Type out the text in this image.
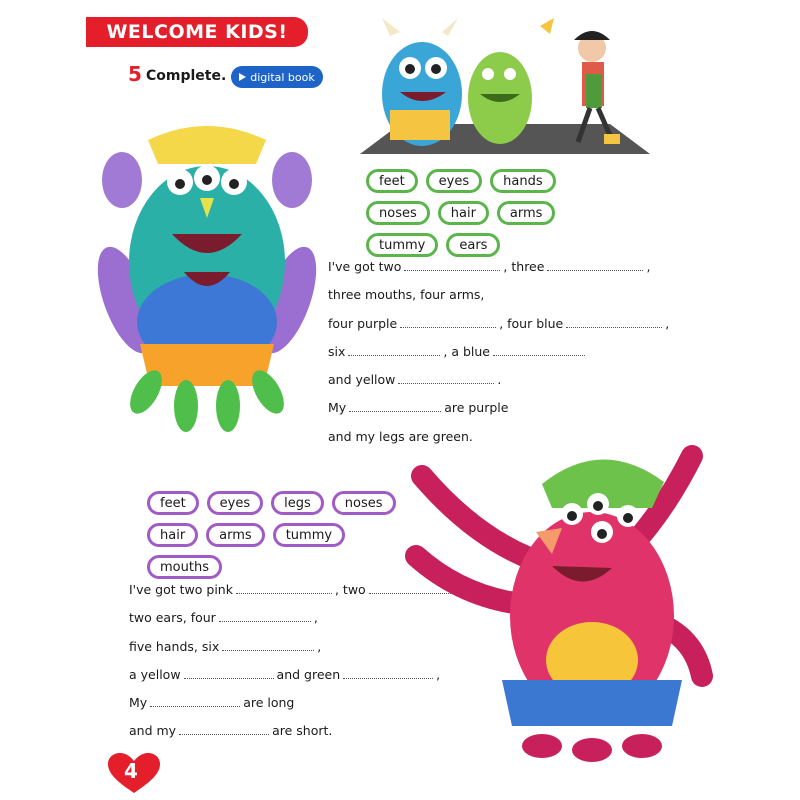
WELCOME KIDS!
5 Complete. digital book
feet	eyes	hands
noses	hair	arms
tummy	ears
I've got two	, three	,
three mouths, four arms,
four purple	, four blue	,
six	, a blue
and yellow	.
My	are purple
and my legs are green.
feet	eyes	legs	noses
hair	arms	tummy
mouths
I've got two pink	, two	,
two ears, four	,
five hands, six	,
a yellow	and green	,
My	are long
and my	are short.
4
